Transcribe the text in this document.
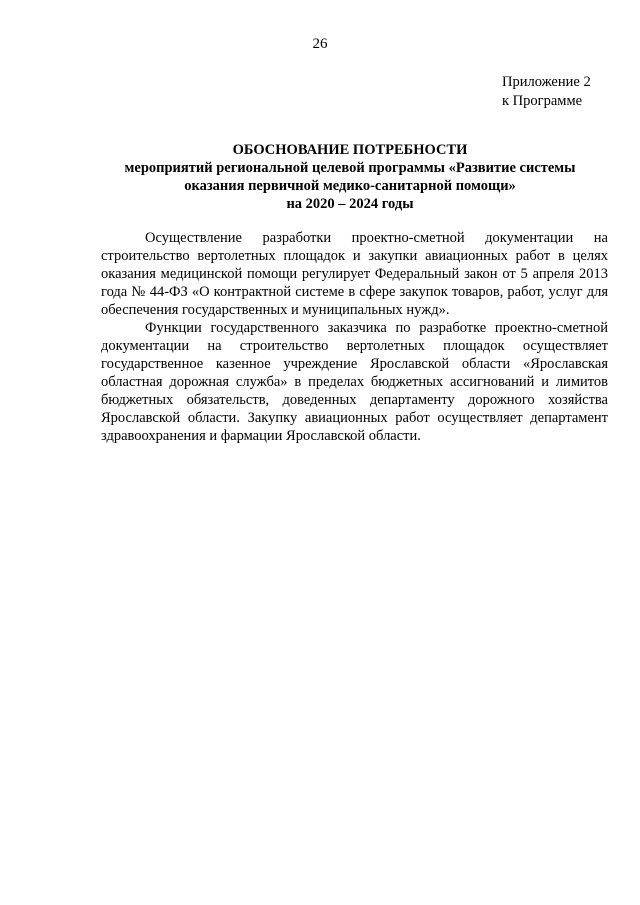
26
Приложение 2
к Программе
ОБОСНОВАНИЕ ПОТРЕБНОСТИ
мероприятий региональной целевой программы «Развитие системы
оказания первичной медико-санитарной помощи»
на 2020 – 2024 годы

Осуществление разработки проектно-сметной документации на строительство вертолетных площадок и закупки авиационных работ в целях оказания медицинской помощи регулирует Федеральный закон от 5 апреля 2013 года № 44-ФЗ «О контрактной системе в сфере закупок товаров, работ, услуг для обеспечения государственных и муниципальных нужд».

Функции государственного заказчика по разработке проектно-сметной документации на строительство вертолетных площадок осуществляет государственное казенное учреждение Ярославской области «Ярославская областная дорожная служба» в пределах бюджетных ассигнований и лимитов бюджетных обязательств, доведенных департаменту дорожного хозяйства Ярославской области. Закупку авиационных работ осуществляет департамент здравоохранения и фармации Ярославской области.
